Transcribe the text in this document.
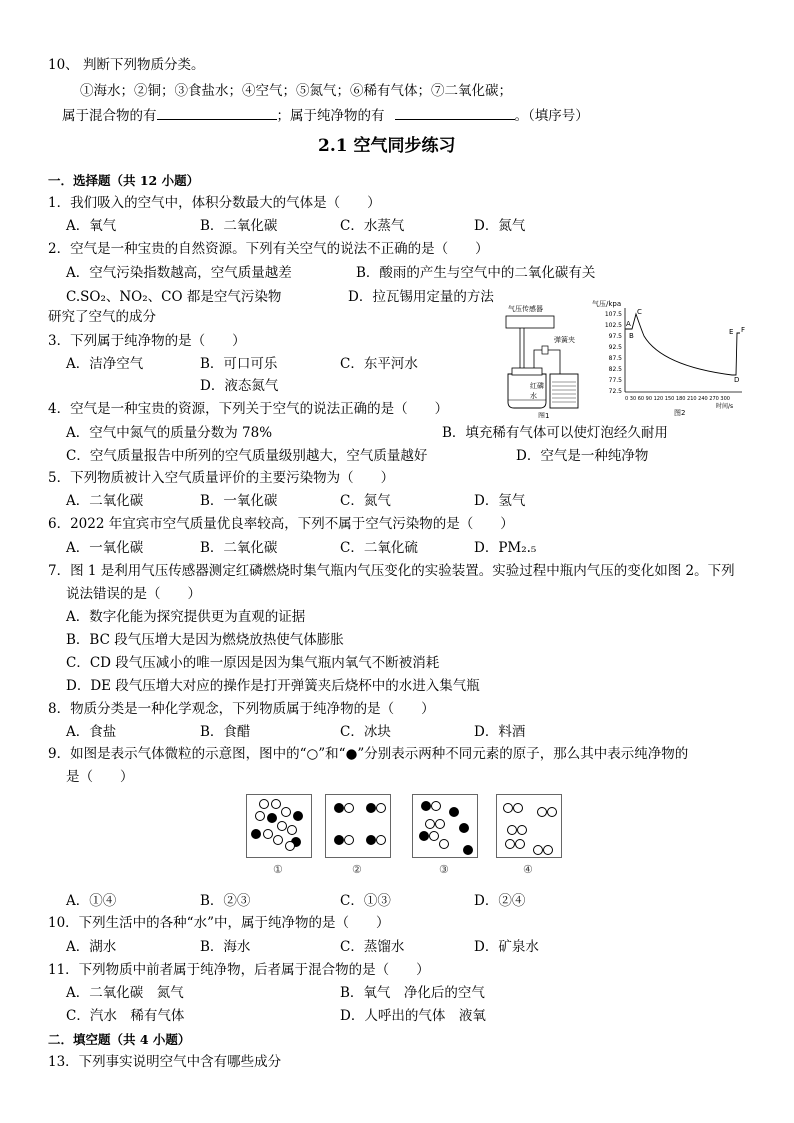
10、 判断下列物质分类。
①海水；②铜；③食盐水；④空气；⑤氮气；⑥稀有气体；⑦二氧化碳；
属于混合物的有	；属于纯净物的有	。（填序号）
2.1 空气同步练习
一．选择题（共 12 小题）
1．我们吸入的空气中，体积分数最大的气体是（　　）
A．氧气	B．二氧化碳	C．水蒸气	D．氮气
2．空气是一种宝贵的自然资源。下列有关空气的说法不正确的是（　　）
A．空气污染指数越高，空气质量越差	B．酸雨的产生与空气中的二氧化碳有关
C.SO₂、NO₂、CO 都是空气污染物	D．拉瓦锡用定量的方法
研究了空气的成分
3．下列属于纯净物的是（　　）
A．洁净空气	B．可口可乐	C．东平河水
D．液态氮气
气压传感器
弹簧夹
红磷
水
图1
气压/kpa
107.5
102.5
97.5
92.5
87.5
82.5
77.5
72.5
A
B
C
D
E F
0 30 60 90 120 150 180 210 240 270 300
时间/s
图2
4．空气是一种宝贵的资源，下列关于空气的说法正确的是（　　）
A．空气中氮气的质量分数为 78%	B．填充稀有气体可以使灯泡经久耐用
C．空气质量报告中所列的空气质量级别越大，空气质量越好	D．空气是一种纯净物
5．下列物质被计入空气质量评价的主要污染物为（　　）
A．二氧化碳	B．一氧化碳	C．氮气	D．氢气
6．2022 年宜宾市空气质量优良率较高，下列不属于空气污染物的是（　　）
A．一氧化碳	B．二氧化碳	C．二氧化硫	D．PM₂.₅
7．图 1 是利用气压传感器测定红磷燃烧时集气瓶内气压变化的实验装置。实验过程中瓶内气压的变化如图 2。下列
说法错误的是（　　）
A．数字化能为探究提供更为直观的证据
B．BC 段气压增大是因为燃烧放热使气体膨胀
C．CD 段气压减小的唯一原因是因为集气瓶内氧气不断被消耗
D．DE 段气压增大对应的操作是打开弹簧夹后烧杯中的水进入集气瓶
8．物质分类是一种化学观念，下列物质属于纯净物的是（　　）
A．食盐	B．食醋	C．冰块	D．料酒
9．如图是表示气体微粒的示意图，图中的“○”和“●”分别表示两种不同元素的原子，那么其中表示纯净物的
是（　　）
①	②	③	④
A．①④	B．②③	C．①③	D．②④
10．下列生活中的各种“水”中，属于纯净物的是（　　）
A．湖水	B．海水	C．蒸馏水	D．矿泉水
11．下列物质中前者属于纯净物，后者属于混合物的是（　　）
A．二氧化碳　氮气	B．氧气　净化后的空气
C．汽水　稀有气体	D．人呼出的气体　液氧
二．填空题（共 4 小题）
13．下列事实说明空气中含有哪些成分
